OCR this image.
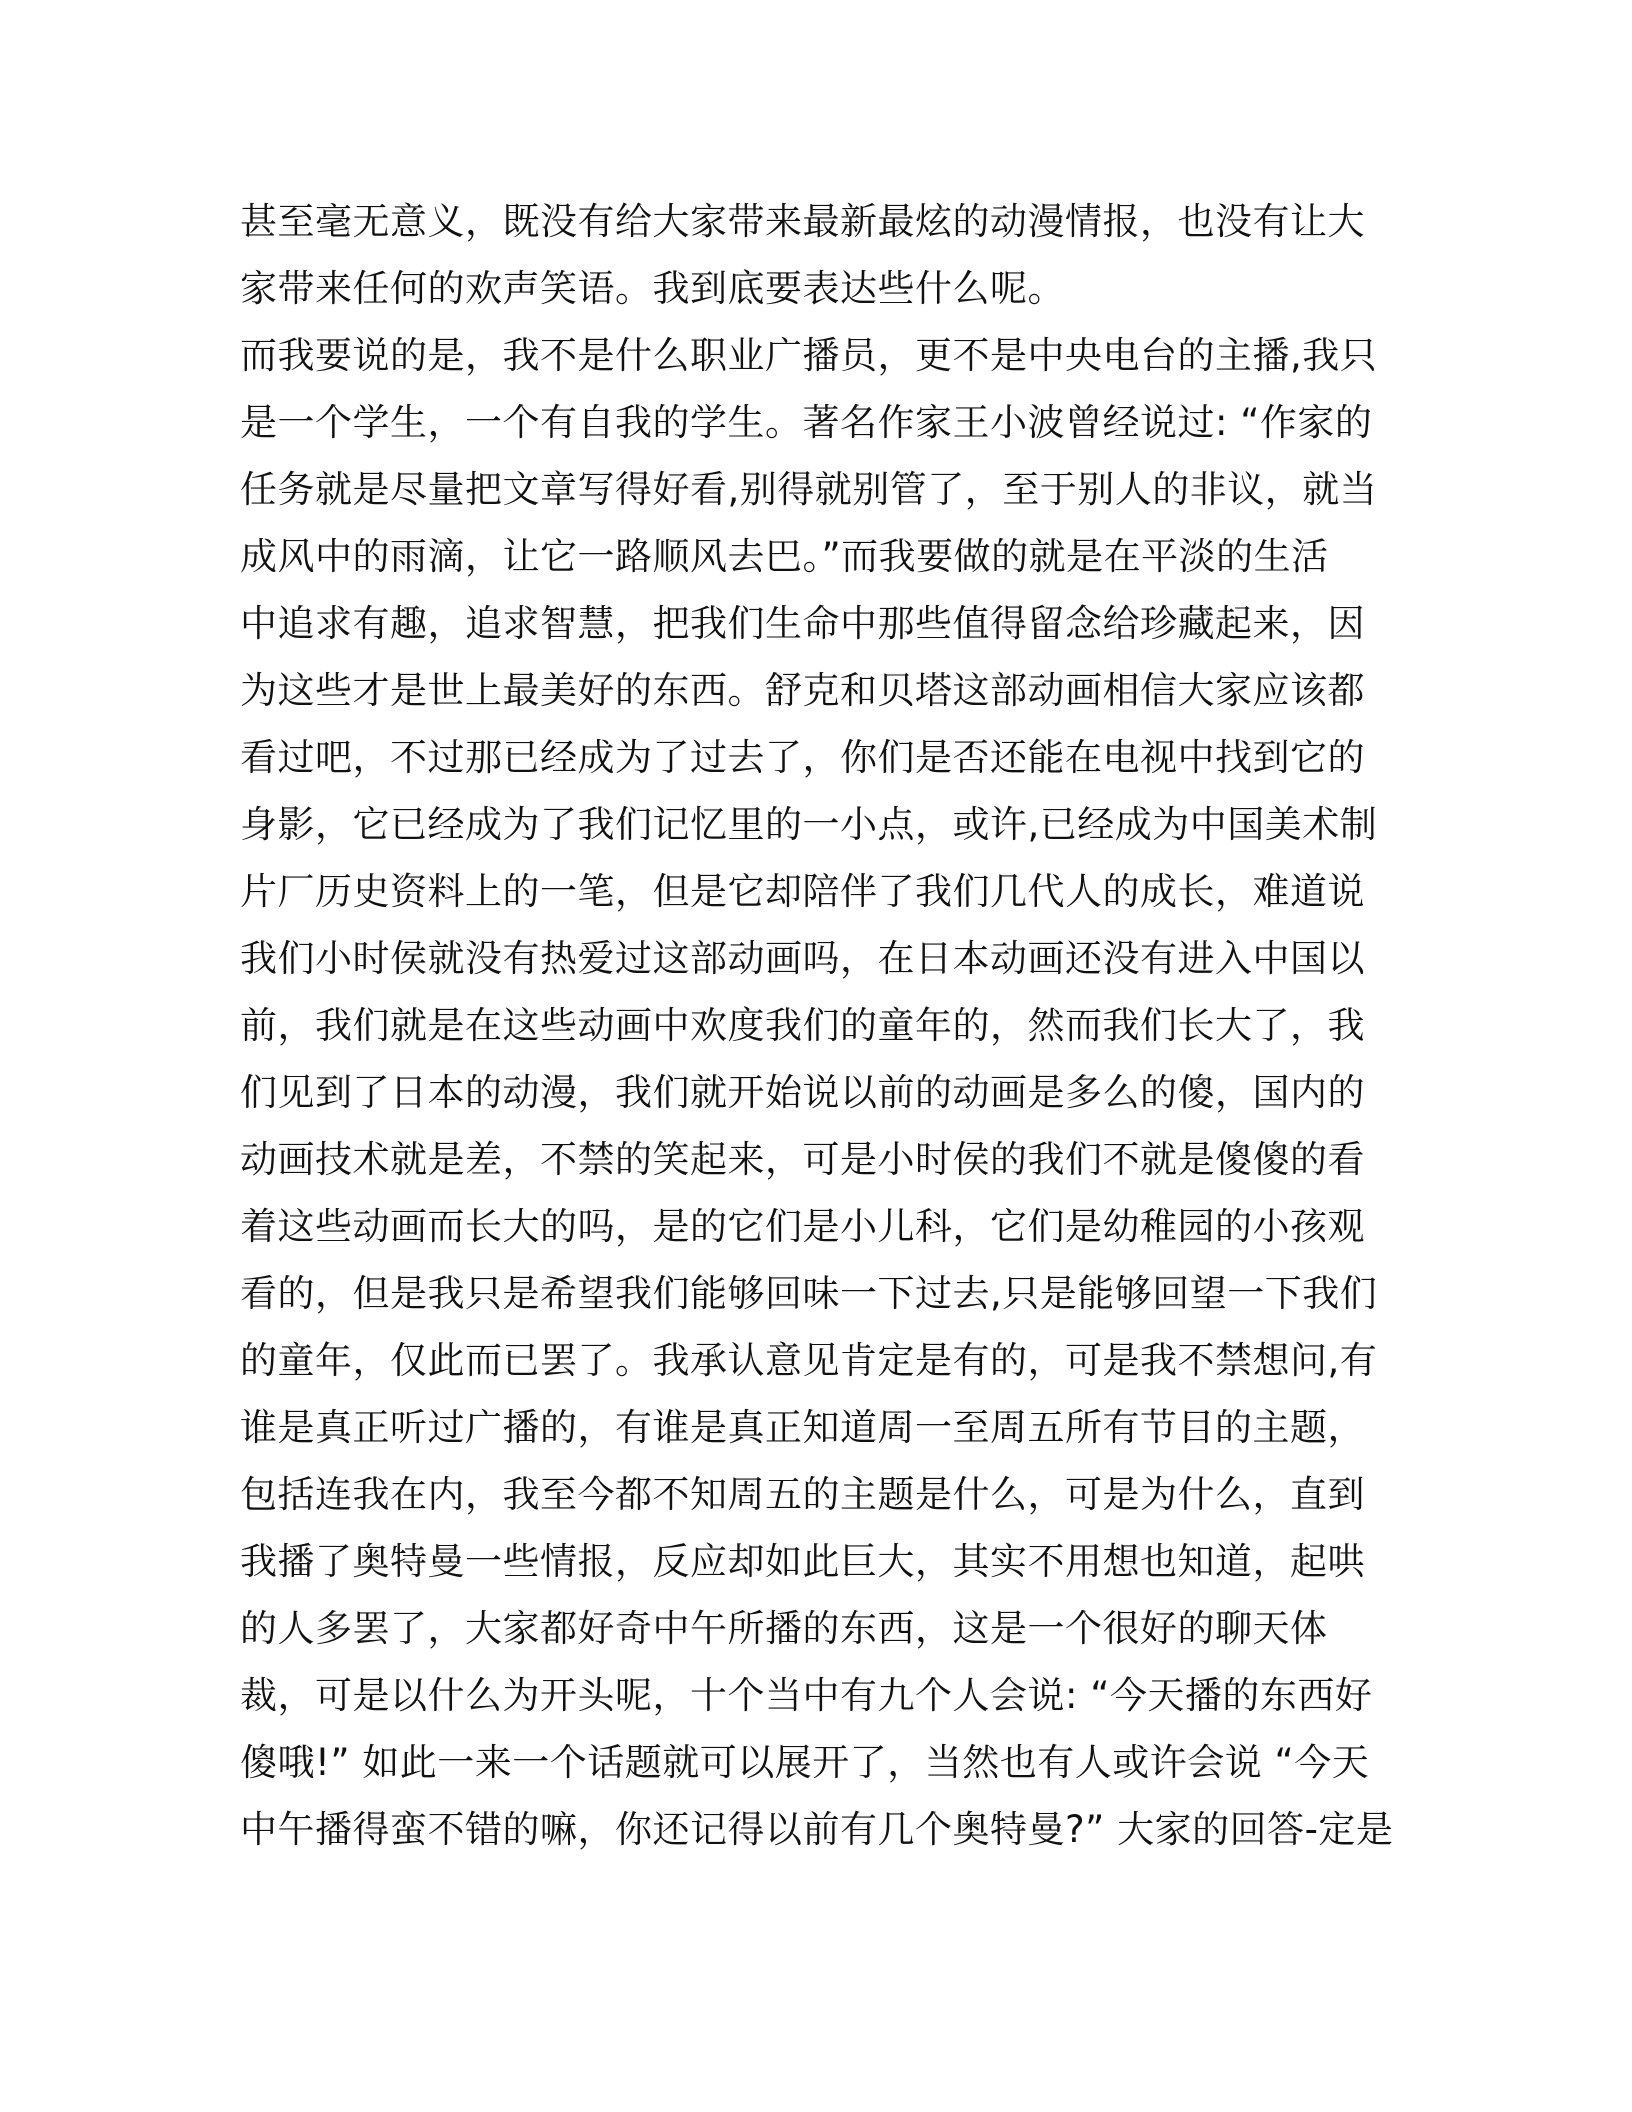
甚至毫无意义，既没有给大家带来最新最炫的动漫情报，也没有让大
家带来任何的欢声笑语。我到底要表达些什么呢。
而我要说的是，我不是什么职业广播员，更不是中央电台的主播,我只
是一个学生，一个有自我的学生。著名作家王小波曾经说过: “作家的
任务就是尽量把文章写得好看,别得就别管了，至于别人的非议，就当
成风中的雨滴，让它一路顺风去巴。”而我要做的就是在平淡的生活
中追求有趣，追求智慧，把我们生命中那些值得留念给珍藏起来，因
为这些才是世上最美好的东西。舒克和贝塔这部动画相信大家应该都
看过吧，不过那已经成为了过去了，你们是否还能在电视中找到它的
身影，它已经成为了我们记忆里的一小点，或许,已经成为中国美术制
片厂历史资料上的一笔，但是它却陪伴了我们几代人的成长，难道说
我们小时侯就没有热爱过这部动画吗，在日本动画还没有进入中国以
前，我们就是在这些动画中欢度我们的童年的，然而我们长大了，我
们见到了日本的动漫，我们就开始说以前的动画是多么的傻，国内的
动画技术就是差，不禁的笑起来，可是小时侯的我们不就是傻傻的看
着这些动画而长大的吗，是的它们是小儿科，它们是幼稚园的小孩观
看的，但是我只是希望我们能够回味一下过去,只是能够回望一下我们
的童年，仅此而已罢了。我承认意见肯定是有的，可是我不禁想问,有
谁是真正听过广播的，有谁是真正知道周一至周五所有节目的主题，
包括连我在内，我至今都不知周五的主题是什么，可是为什么，直到
我播了奥特曼一些情报，反应却如此巨大，其实不用想也知道，起哄
的人多罢了，大家都好奇中午所播的东西，这是一个很好的聊天体
裁，可是以什么为开头呢，十个当中有九个人会说: “今天播的东西好
傻哦!” 如此一来一个话题就可以展开了，当然也有人或许会说 “今天
中午播得蛮不错的嘛，你还记得以前有几个奥特曼?” 大家的回答-定是
